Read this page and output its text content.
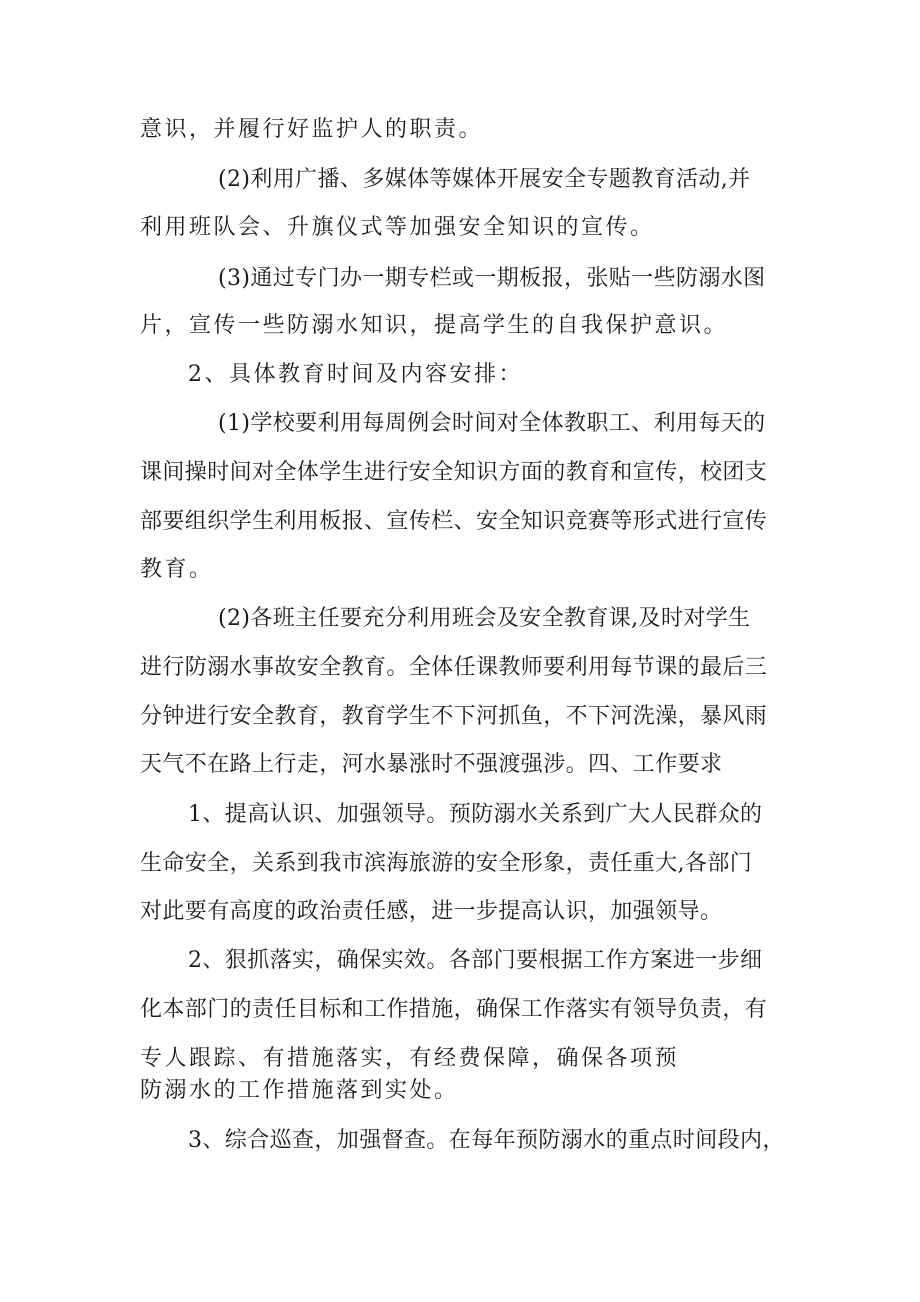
意识，并履行好监护人的职责。
(2)利用广播、多媒体等媒体开展安全专题教育活动,并
利用班队会、升旗仪式等加强安全知识的宣传。
(3)通过专门办一期专栏或一期板报，张贴一些防溺水图
片，宣传一些防溺水知识，提高学生的自我保护意识。
2、具体教育时间及内容安排：
(1)学校要利用每周例会时间对全体教职工、利用每天的
课间操时间对全体学生进行安全知识方面的教育和宣传，校团支
部要组织学生利用板报、宣传栏、安全知识竞赛等形式进行宣传
教育。
(2)各班主任要充分利用班会及安全教育课,及时对学生
进行防溺水事故安全教育。全体任课教师要利用每节课的最后三
分钟进行安全教育，教育学生不下河抓鱼，不下河洗澡，暴风雨
天气不在路上行走，河水暴涨时不强渡强涉。四、工作要求
1、提高认识、加强领导。预防溺水关系到广大人民群众的
生命安全，关系到我市滨海旅游的安全形象，责任重大,各部门
对此要有高度的政治责任感，进一步提高认识，加强领导。
2、狠抓落实，确保实效。各部门要根据工作方案进一步细
化本部门的责任目标和工作措施，确保工作落实有领导负责，有
专人跟踪、有措施落实，有经费保障，确保各项预
防溺水的工作措施落到实处。
3、综合巡查，加强督查。在每年预防溺水的重点时间段内，
